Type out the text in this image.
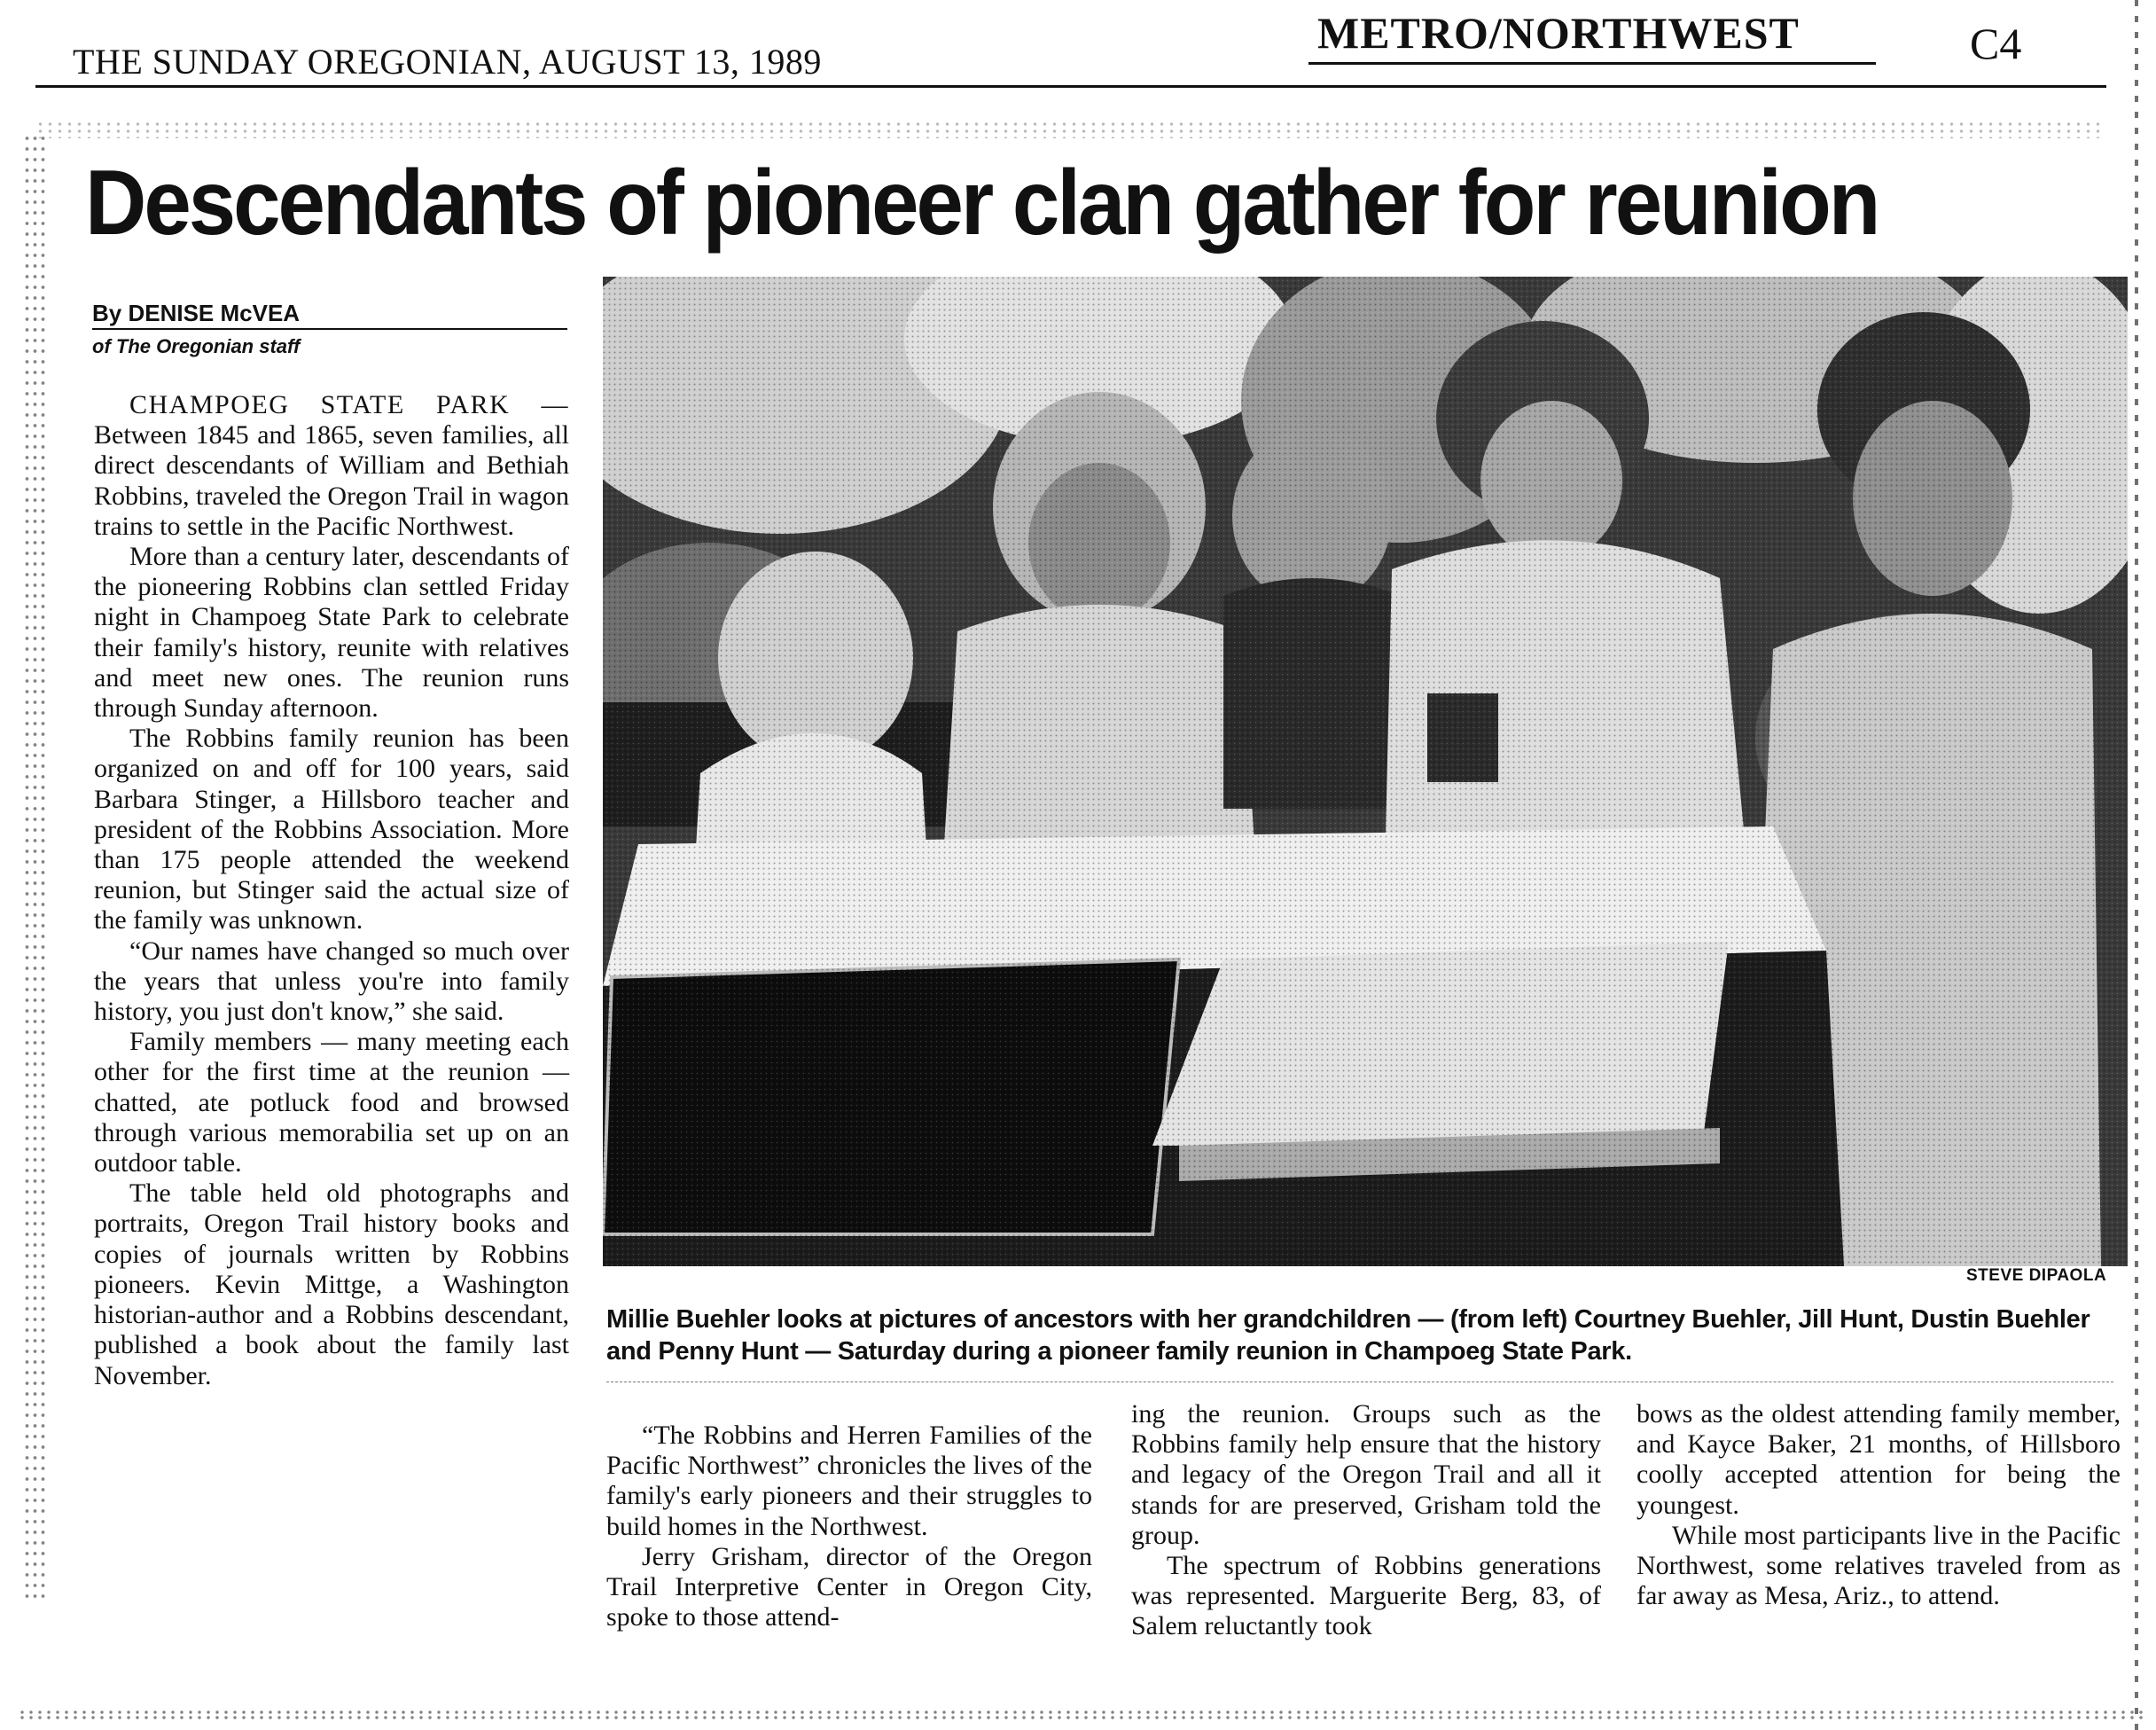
THE SUNDAY OREGONIAN, AUGUST 13, 1989
METRO/NORTHWEST	C4
Descendants of pioneer clan gather for reunion
By DENISE McVEA
of The Oregonian staff

CHAMPOEG STATE PARK — Between 1845 and 1865, seven families, all direct descendants of William and Bethiah Robbins, traveled the Oregon Trail in wagon trains to settle in the Pacific Northwest.

More than a century later, descendants of the pioneering Robbins clan settled Friday night in Champoeg State Park to celebrate their family's history, reunite with relatives and meet new ones. The reunion runs through Sunday afternoon.

The Robbins family reunion has been organized on and off for 100 years, said Barbara Stinger, a Hillsboro teacher and president of the Robbins Association. More than 175 people attended the weekend reunion, but Stinger said the actual size of the family was unknown.

“Our names have changed so much over the years that unless you're into family history, you just don't know,” she said.

Family members — many meeting each other for the first time at the reunion — chatted, ate potluck food and browsed through various memorabilia set up on an outdoor table.

The table held old photographs and portraits, Oregon Trail history books and copies of journals written by Robbins pioneers. Kevin Mittge, a Washington historian-author and a Robbins descendant, published a book about the family last November.

STEVE DIPAOLA
Millie Buehler looks at pictures of ancestors with her grandchildren — (from left) Courtney Buehler, Jill Hunt, Dustin Buehler and Penny Hunt — Saturday during a pioneer family reunion in Champoeg State Park.

“The Robbins and Herren Families of the Pacific Northwest” chronicles the lives of the family's early pioneers and their struggles to build homes in the Northwest.

Jerry Grisham, director of the Oregon Trail Interpretive Center in Oregon City, spoke to those attend-

ing the reunion. Groups such as the Robbins family help ensure that the history and legacy of the Oregon Trail and all it stands for are preserved, Grisham told the group.

The spectrum of Robbins generations was represented. Marguerite Berg, 83, of Salem reluctantly took

bows as the oldest attending family member, and Kayce Baker, 21 months, of Hillsboro coolly accepted attention for being the youngest.

While most participants live in the Pacific Northwest, some relatives traveled from as far away as Mesa, Ariz., to attend.
